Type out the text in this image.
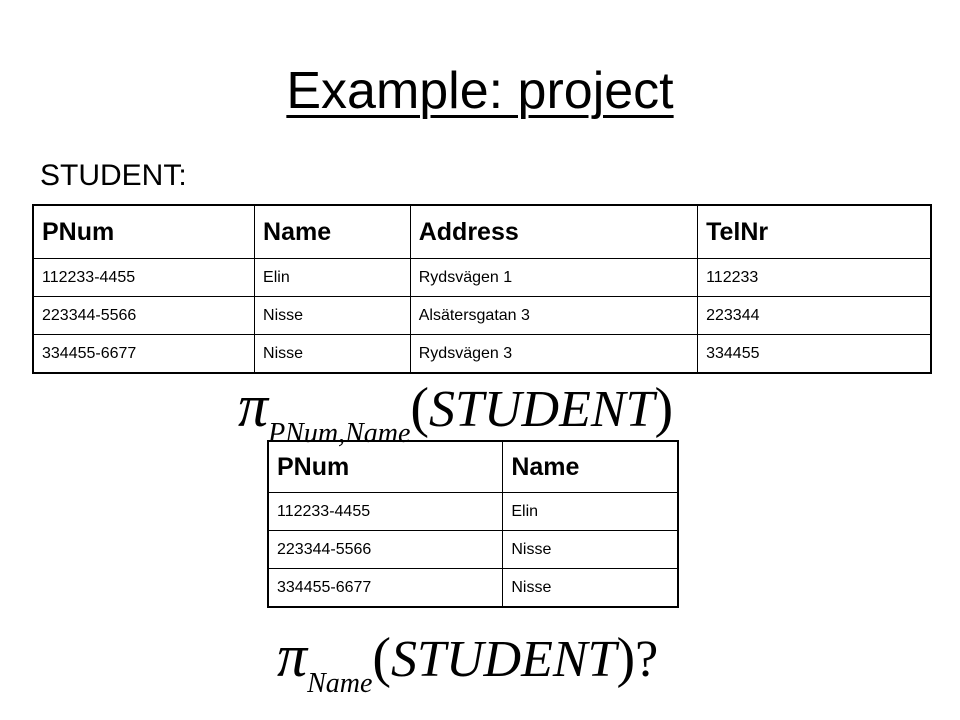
Example: project
STUDENT:
PNum	Name	Address	TelNr
112233-4455	Elin	Rydsvägen 1	112233
223344-5566	Nisse	Alsätersgatan 3	223344
334455-6677	Nisse	Rydsvägen 3	334455
πPNum,Name(STUDENT)
PNum	Name
112233-4455	Elin
223344-5566	Nisse
334455-6677	Nisse
πName(STUDENT)?
